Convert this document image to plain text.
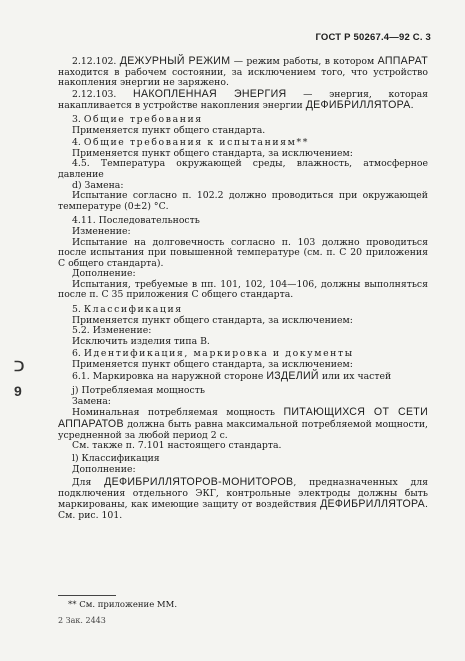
ГОСТ Р 50267.4—92 С. 3
ᑐ
9

2.12.102. ДЕЖУРНЫЙ РЕЖИМ — режим работы, в котором АППАРАТ находится в рабочем состоянии, за исключением того, что устройство накопления энергии не заряжено.

2.12.103. НАКОПЛЕННАЯ ЭНЕРГИЯ — энергия, которая накапливается в устройстве накопления энергии ДЕФИБРИЛЛЯТОРА.

3. Общие требования

Применяется пункт общего стандарта.

4. Общие требования к испытаниям**

Применяется пункт общего стандарта, за исключением:

4.5. Температура окружающей среды, влажность, атмосферное давление

d) Замена:

Испытание согласно п. 102.2 должно проводиться при окружающей температуре (0±2) °С.

4.11. Последовательность

Изменение:

Испытание на долговечность согласно п. 103 должно проводиться после испытания при повышенной температуре (см. п. С 20 приложения С общего стандарта).

Дополнение:

Испытания, требуемые в пп. 101, 102, 104—106, должны выполняться после п. С 35 приложения С общего стандарта.

5. Классификация

Применяется пункт общего стандарта, за исключением:

5.2. Изменение:

Исключить изделия типа В.

6. Идентификация, маркировка и документы

Применяется пункт общего стандарта, за исключением:

6.1. Маркировка на наружной стороне ИЗДЕЛИЙ или их частей

j) Потребляемая мощность

Замена:

Номинальная потребляемая мощность ПИТАЮЩИХСЯ ОТ СЕТИ АППАРАТОВ должна быть равна максимальной потребляемой мощности, усредненной за любой период 2 с.

См. также п. 7.101 настоящего стандарта.

l) Классификация

Дополнение:

Для ДЕФИБРИЛЛЯТОРОВ-МОНИТОРОВ, предназначенных для подключения отдельного ЭКГ, контрольные электроды должны быть маркированы, как имеющие защиту от воздействия ДЕФИБРИЛЛЯТОРА. См. рис. 101.

** См. приложение ММ.
2 Зак. 2443
